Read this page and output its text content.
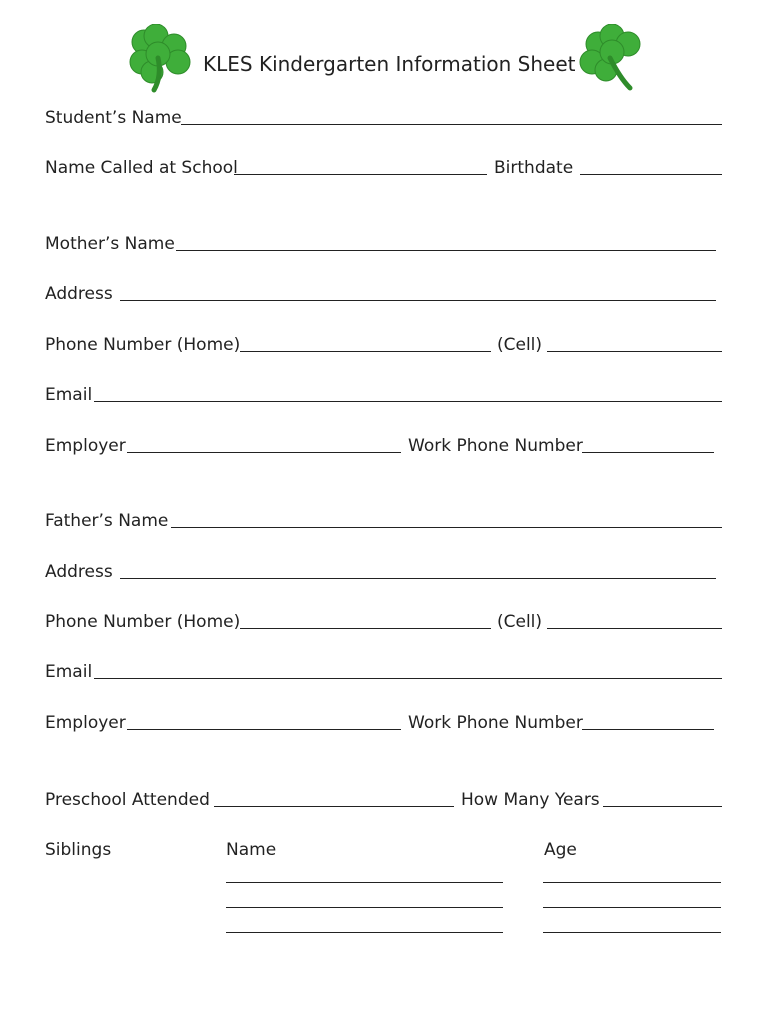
KLES Kindergarten Information Sheet
Student’s Name
Name Called at School	Birthdate
Mother’s Name
Address
Phone Number (Home)	(Cell)
Email
Employer	Work Phone Number
Father’s Name
Address
Phone Number (Home)	(Cell)
Email
Employer	Work Phone Number
Preschool Attended	How Many Years
Siblings	Name	Age
